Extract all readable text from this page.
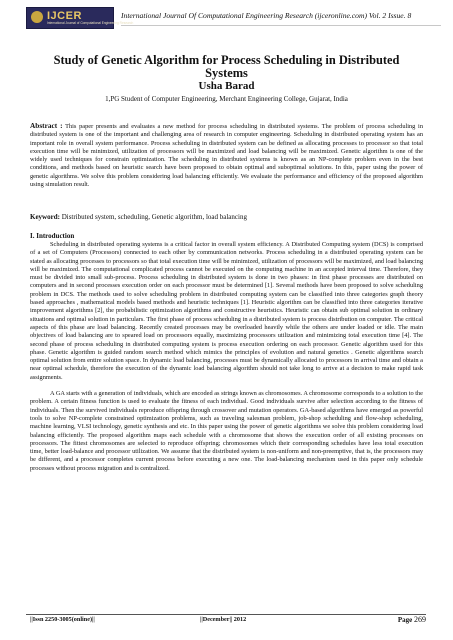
IJCER
International Journal of Computational Engineering Research
International Journal Of Computational Engineering Research (ijceronline.com) Vol. 2 Issue. 8
Study of Genetic Algorithm for Process Scheduling in Distributed Systems
Usha Barad
1,PG Student of Computer Engineering, Merchant Engineering College, Gujarat, India

Abstract : This paper presents and evaluates a new method for process scheduling in distributed systems. The problem of process scheduling in distributed system is one of the important and challenging area of research in computer engineering. Scheduling in distributed operating system has an important role in overall system performance. Process scheduling in distributed system can be defined as allocating processes to processor so that total execution time will be minimized, utilization of processors will be maximized and load balancing will be maximized. Genetic algorithm is one of the widely used techniques for constrain optimization. The scheduling in distributed systems is known as an NP-complete problem even in the best conditions, and methods based on heuristic search have been proposed to obtain optimal and suboptimal solutions. In this, paper using the power of genetic algorithms. We solve this problem considering load balancing efficiently. We evaluate the performance and efficiency of the proposed algorithm using simulation result.

Keyword: Distributed system, scheduling, Genetic algorithm, load balancing
I. Introduction

Scheduling in distributed operating systems is a critical factor in overall system efficiency. A Distributed Computing system (DCS) is comprised of a set of Computers (Processors) connected to each other by communication networks. Process scheduling in a distributed operating system can be stated as allocating processes to processors so that total execution time will be minimized, utilization of processors will be maximized, and load balancing will be maximized. The computational complicated process cannot be executed on the computing machine in an accepted interval time. Therefore, they must be divided into small sub-process. Process scheduling in distributed system is done in two phases: in first phase processes are distributed on computers and in second processes execution order on each processor must be determined [1]. Several methods have been proposed to solve scheduling problem in DCS. The methods used to solve scheduling problem in distributed computing system can be classified into three categories graph theory based approaches , mathematical models based methods and heuristic techniques [1]. Heuristic algorithm can be classified into three categories iterative improvement algorithms [2], the probabilistic optimization algorithms and constructive heuristics. Heuristic can obtain sub optimal solution in ordinary situations and optimal solution in particulars. The first phase of process scheduling in a distributed system is process distribution on computer. The critical aspects of this phase are load balancing. Recently created processes may be overloaded heavily while the others are under loaded or idle. The main objectives of load balancing are to speared load on processors equally, maximizing processors utilization and minimizing total execution time [4]. The second phase of process scheduling in distributed computing system is process execution ordering on each processor. Genetic algorithm used for this phase. Genetic algorithm is guided random search method which mimics the principles of evolution and natural genetics . Genetic algorithms search optimal solution from entire solution space. In dynamic load balancing, processes must be dynamically allocated to processors in arrival time and obtain a near optimal schedule, therefore the execution of the dynamic load balancing algorithm should not take long to arrive at a decision to make rapid task assignments.

A GA starts with a generation of individuals, which are encoded as strings known as chromosomes. A chromosome corresponds to a solution to the problem. A certain fitness function is used to evaluate the fitness of each individual. Good individuals survive after selection according to the fitness of individuals. Then the survived individuals reproduce offspring through crossover and mutation operators. GA-based algorithms have emerged as powerful tools to solve NP-complete constrained optimization problems, such as traveling salesman problem, job-shop scheduling and flow-shop scheduling, machine learning, VLSI technology, genetic synthesis and etc. In this paper using the power of genetic algorithms we solve this problem considering load balancing efficiently. The proposed algorithm maps each schedule with a chromosome that shows the execution order of all existing processes on processors. The fittest chromosomes are selected to reproduce offspring; chromosomes which their corresponding schedules have less total execution time, better load-balance and processor utilization. We assume that the distributed system is non-uniform and non-preemptive, that is, the processors may be different, and a processor completes current process before executing a new one. The load-balancing mechanism used in this paper only schedule processes without process migration and is centralized.

||Issn 2250-3005(online)||	||December|| 2012	Page 269
